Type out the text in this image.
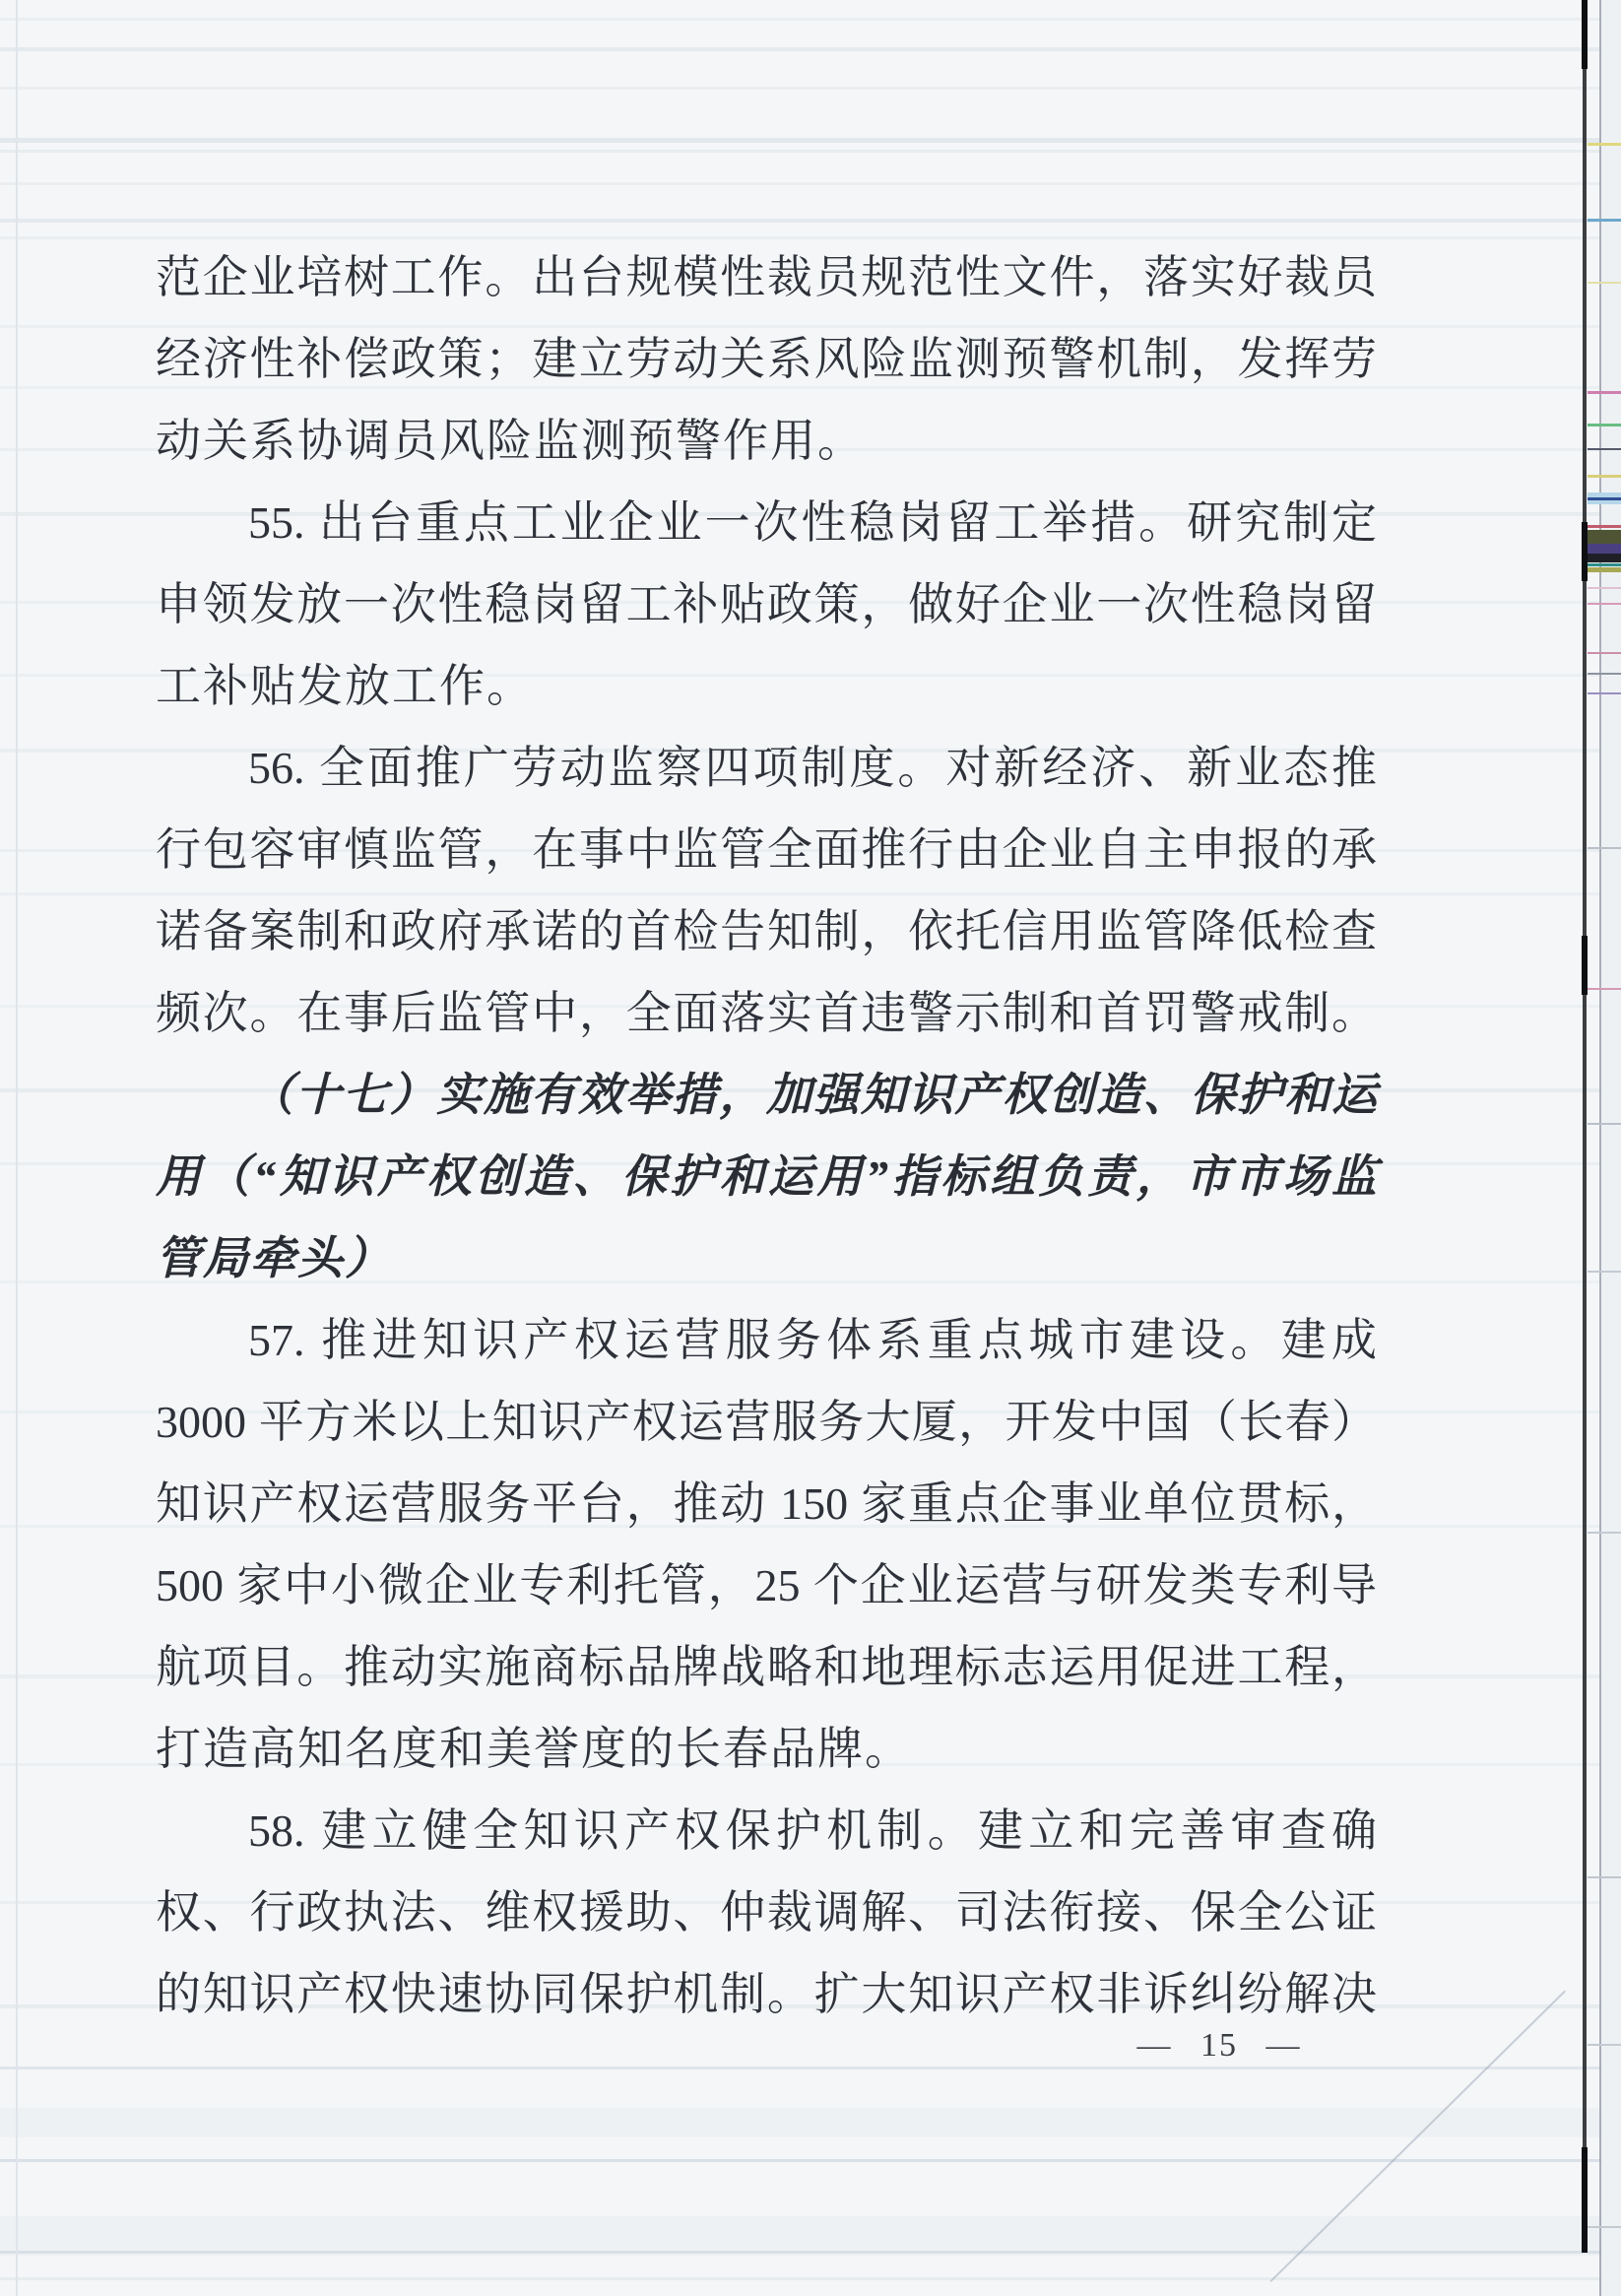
范企业培树工作。出台规模性裁员规范性文件，落实好裁员
经济性补偿政策；建立劳动关系风险监测预警机制，发挥劳
动关系协调员风险监测预警作用。
55. 出台重点工业企业一次性稳岗留工举措。研究制定
申领发放一次性稳岗留工补贴政策，做好企业一次性稳岗留
工补贴发放工作。
56. 全面推广劳动监察四项制度。对新经济、新业态推
行包容审慎监管，在事中监管全面推行由企业自主申报的承
诺备案制和政府承诺的首检告知制，依托信用监管降低检查
频次。在事后监管中，全面落实首违警示制和首罚警戒制。
（十七）实施有效举措，加强知识产权创造、保护和运
用（“知识产权创造、保护和运用”指标组负责，市市场监
管局牵头）
57. 推进知识产权运营服务体系重点城市建设。建成
3000 平方米以上知识产权运营服务大厦，开发中国（长春）
知识产权运营服务平台，推动 150 家重点企事业单位贯标，
500 家中小微企业专利托管，25 个企业运营与研发类专利导
航项目。推动实施商标品牌战略和地理标志运用促进工程，
打造高知名度和美誉度的长春品牌。
58. 建立健全知识产权保护机制。建立和完善审查确
权、行政执法、维权援助、仲裁调解、司法衔接、保全公证
的知识产权快速协同保护机制。扩大知识产权非诉纠纷解决
— 15 —
